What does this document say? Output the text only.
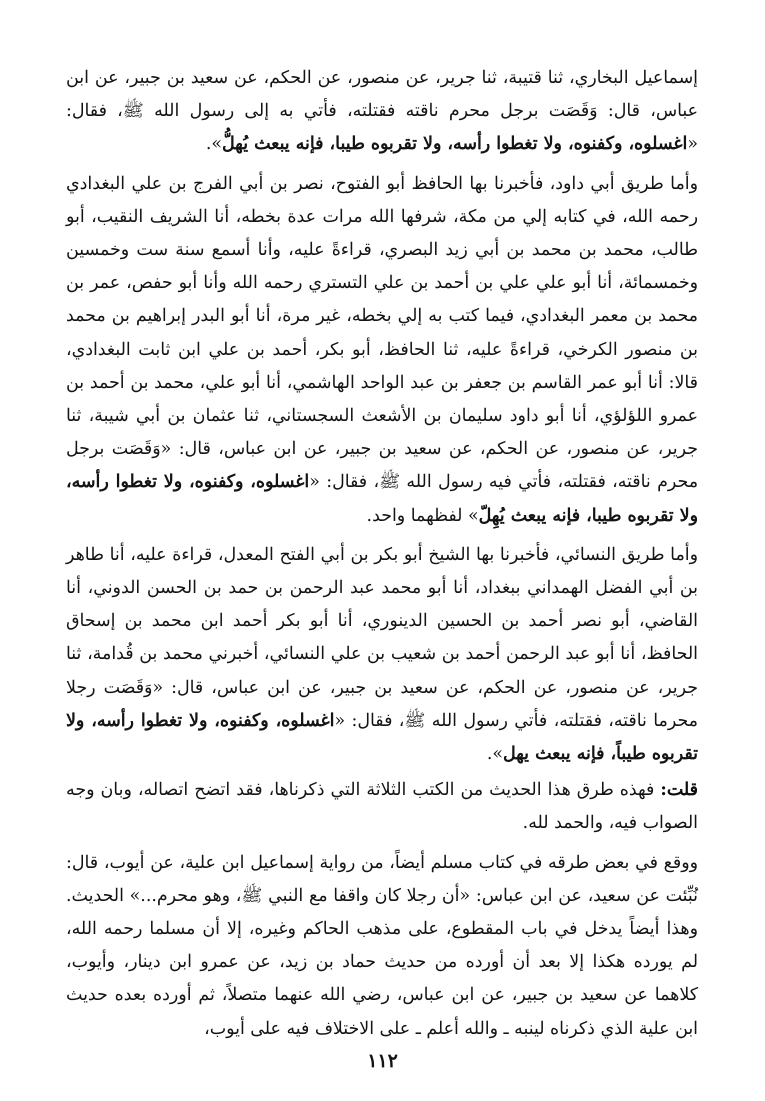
إسماعيل البخاري، ثنا قتيبة، ثنا جرير، عن منصور، عن الحكم، عن سعيد بن جبير، عن ابن عباس، قال: وَقَصَت برجل محرم ناقته فقتلته، فأتي به إلى رسول الله ﷺ، فقال: «اغسلوه، وكفنوه، ولا تغطوا رأسه، ولا تقربوه طيبا، فإنه يبعث يُهلُّ».

وأما طريق أبي داود، فأخبرنا بها الحافظ أبو الفتوح، نصر بن أبي الفرج بن علي البغدادي رحمه الله، في كتابه إلي من مكة، شرفها الله مرات عدة بخطه، أنا الشريف النقيب، أبو طالب، محمد بن محمد بن أبي زيد البصري، قراءةً عليه، وأنا أسمع سنة ست وخمسين وخمسمائة، أنا أبو علي علي بن أحمد بن علي التستري رحمه الله وأنا أبو حفص، عمر بن محمد بن معمر البغدادي، فيما كتب به إلي بخطه، غير مرة، أنا أبو البدر إبراهيم بن محمد بن منصور الكرخي، قراءةً عليه، ثنا الحافظ، أبو بكر، أحمد بن علي ابن ثابت البغدادي، قالا: أنا أبو عمر القاسم بن جعفر بن عبد الواحد الهاشمي، أنا أبو علي، محمد بن أحمد بن عمرو اللؤلؤي، أنا أبو داود سليمان بن الأشعث السجستاني، ثنا عثمان بن أبي شيبة، ثنا جرير، عن منصور، عن الحكم، عن سعيد بن جبير، عن ابن عباس، قال: «وَقَصَت برجل محرم ناقته، فقتلته، فأتي فيه رسول الله ﷺ، فقال: «اغسلوه، وكفنوه، ولا تغطوا رأسه، ولا تقربوه طيبا، فإنه يبعث يُهِلّ» لفظهما واحد.

وأما طريق النسائي، فأخبرنا بها الشيخ أبو بكر بن أبي الفتح المعدل، قراءة عليه، أنا طاهر بن أبي الفضل الهمداني ببغداد، أنا أبو محمد عبد الرحمن بن حمد بن الحسن الدوني، أنا القاضي، أبو نصر أحمد بن الحسين الدينوري، أنا أبو بكر أحمد ابن محمد بن إسحاق الحافظ، أنا أبو عبد الرحمن أحمد بن شعيب بن علي النسائي، أخبرني محمد بن قُدامة، ثنا جرير، عن منصور، عن الحكم، عن سعيد بن جبير، عن ابن عباس، قال: «وَقَصَت رجلا محرما ناقته، فقتلته، فأتي رسول الله ﷺ، فقال: «اغسلوه، وكفنوه، ولا تغطوا رأسه، ولا تقربوه طيباً، فإنه يبعث يهل».

قلت: فهذه طرق هذا الحديث من الكتب الثلاثة التي ذكرناها، فقد اتضح اتصاله، وبان وجه الصواب فيه، والحمد لله.

ووقع في بعض طرقه في كتاب مسلم أيضاً، من رواية إسماعيل ابن علية، عن أيوب، قال: نُبِّئت عن سعيد، عن ابن عباس: «أن رجلا كان واقفا مع النبي ﷺ، وهو محرم...» الحديث. وهذا أيضاً يدخل في باب المقطوع، على مذهب الحاكم وغيره، إلا أن مسلما رحمه الله، لم يورده هكذا إلا بعد أن أورده من حديث حماد بن زيد، عن عمرو ابن دينار، وأيوب، كلاهما عن سعيد بن جبير، عن ابن عباس، رضي الله عنهما متصلاً، ثم أورده بعده حديث ابن علية الذي ذكرناه لينبه ـ والله أعلم ـ على الاختلاف فيه على أيوب،

١١٢
